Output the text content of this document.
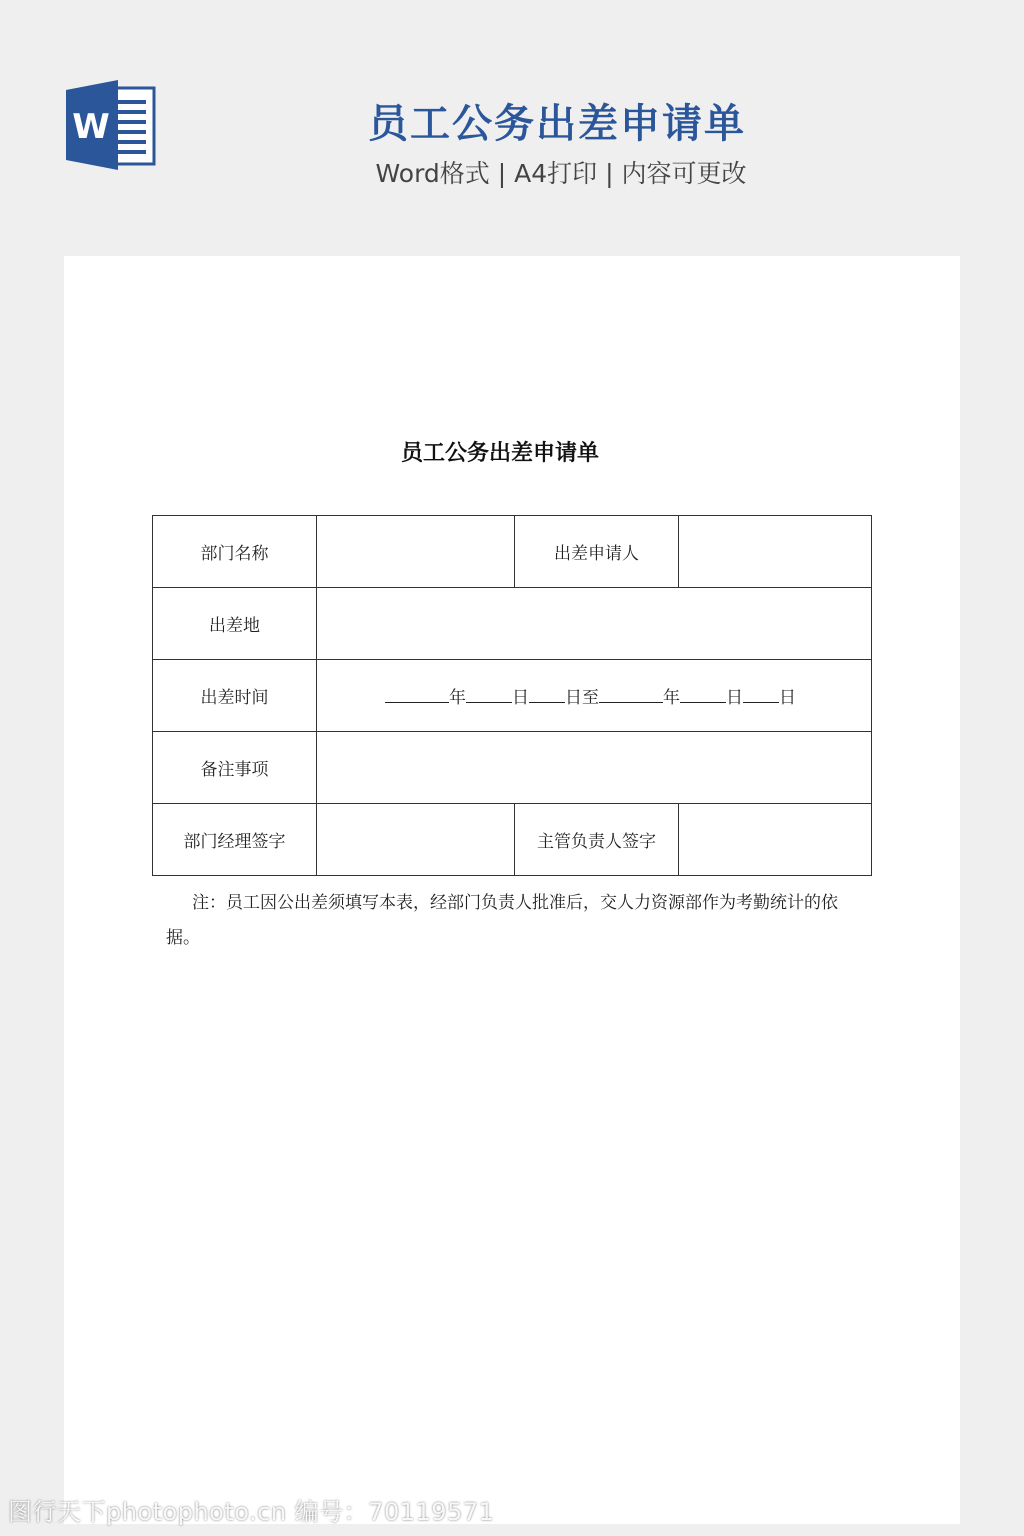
W	员工公务出差申请单
Word格式 | A4打印 | 内容可更改
员工公务出差申请单
部门名称		出差申请人	
出差地			
出差时间	年 日 日至 年 日 日		
备注事项			
部门经理签字		主管负责人签字	
注：员工因公出差须填写本表，经部门负责人批准后，交人力资源部作为考勤统计的依据。
图行天下photophoto.cn 编号：70119571
